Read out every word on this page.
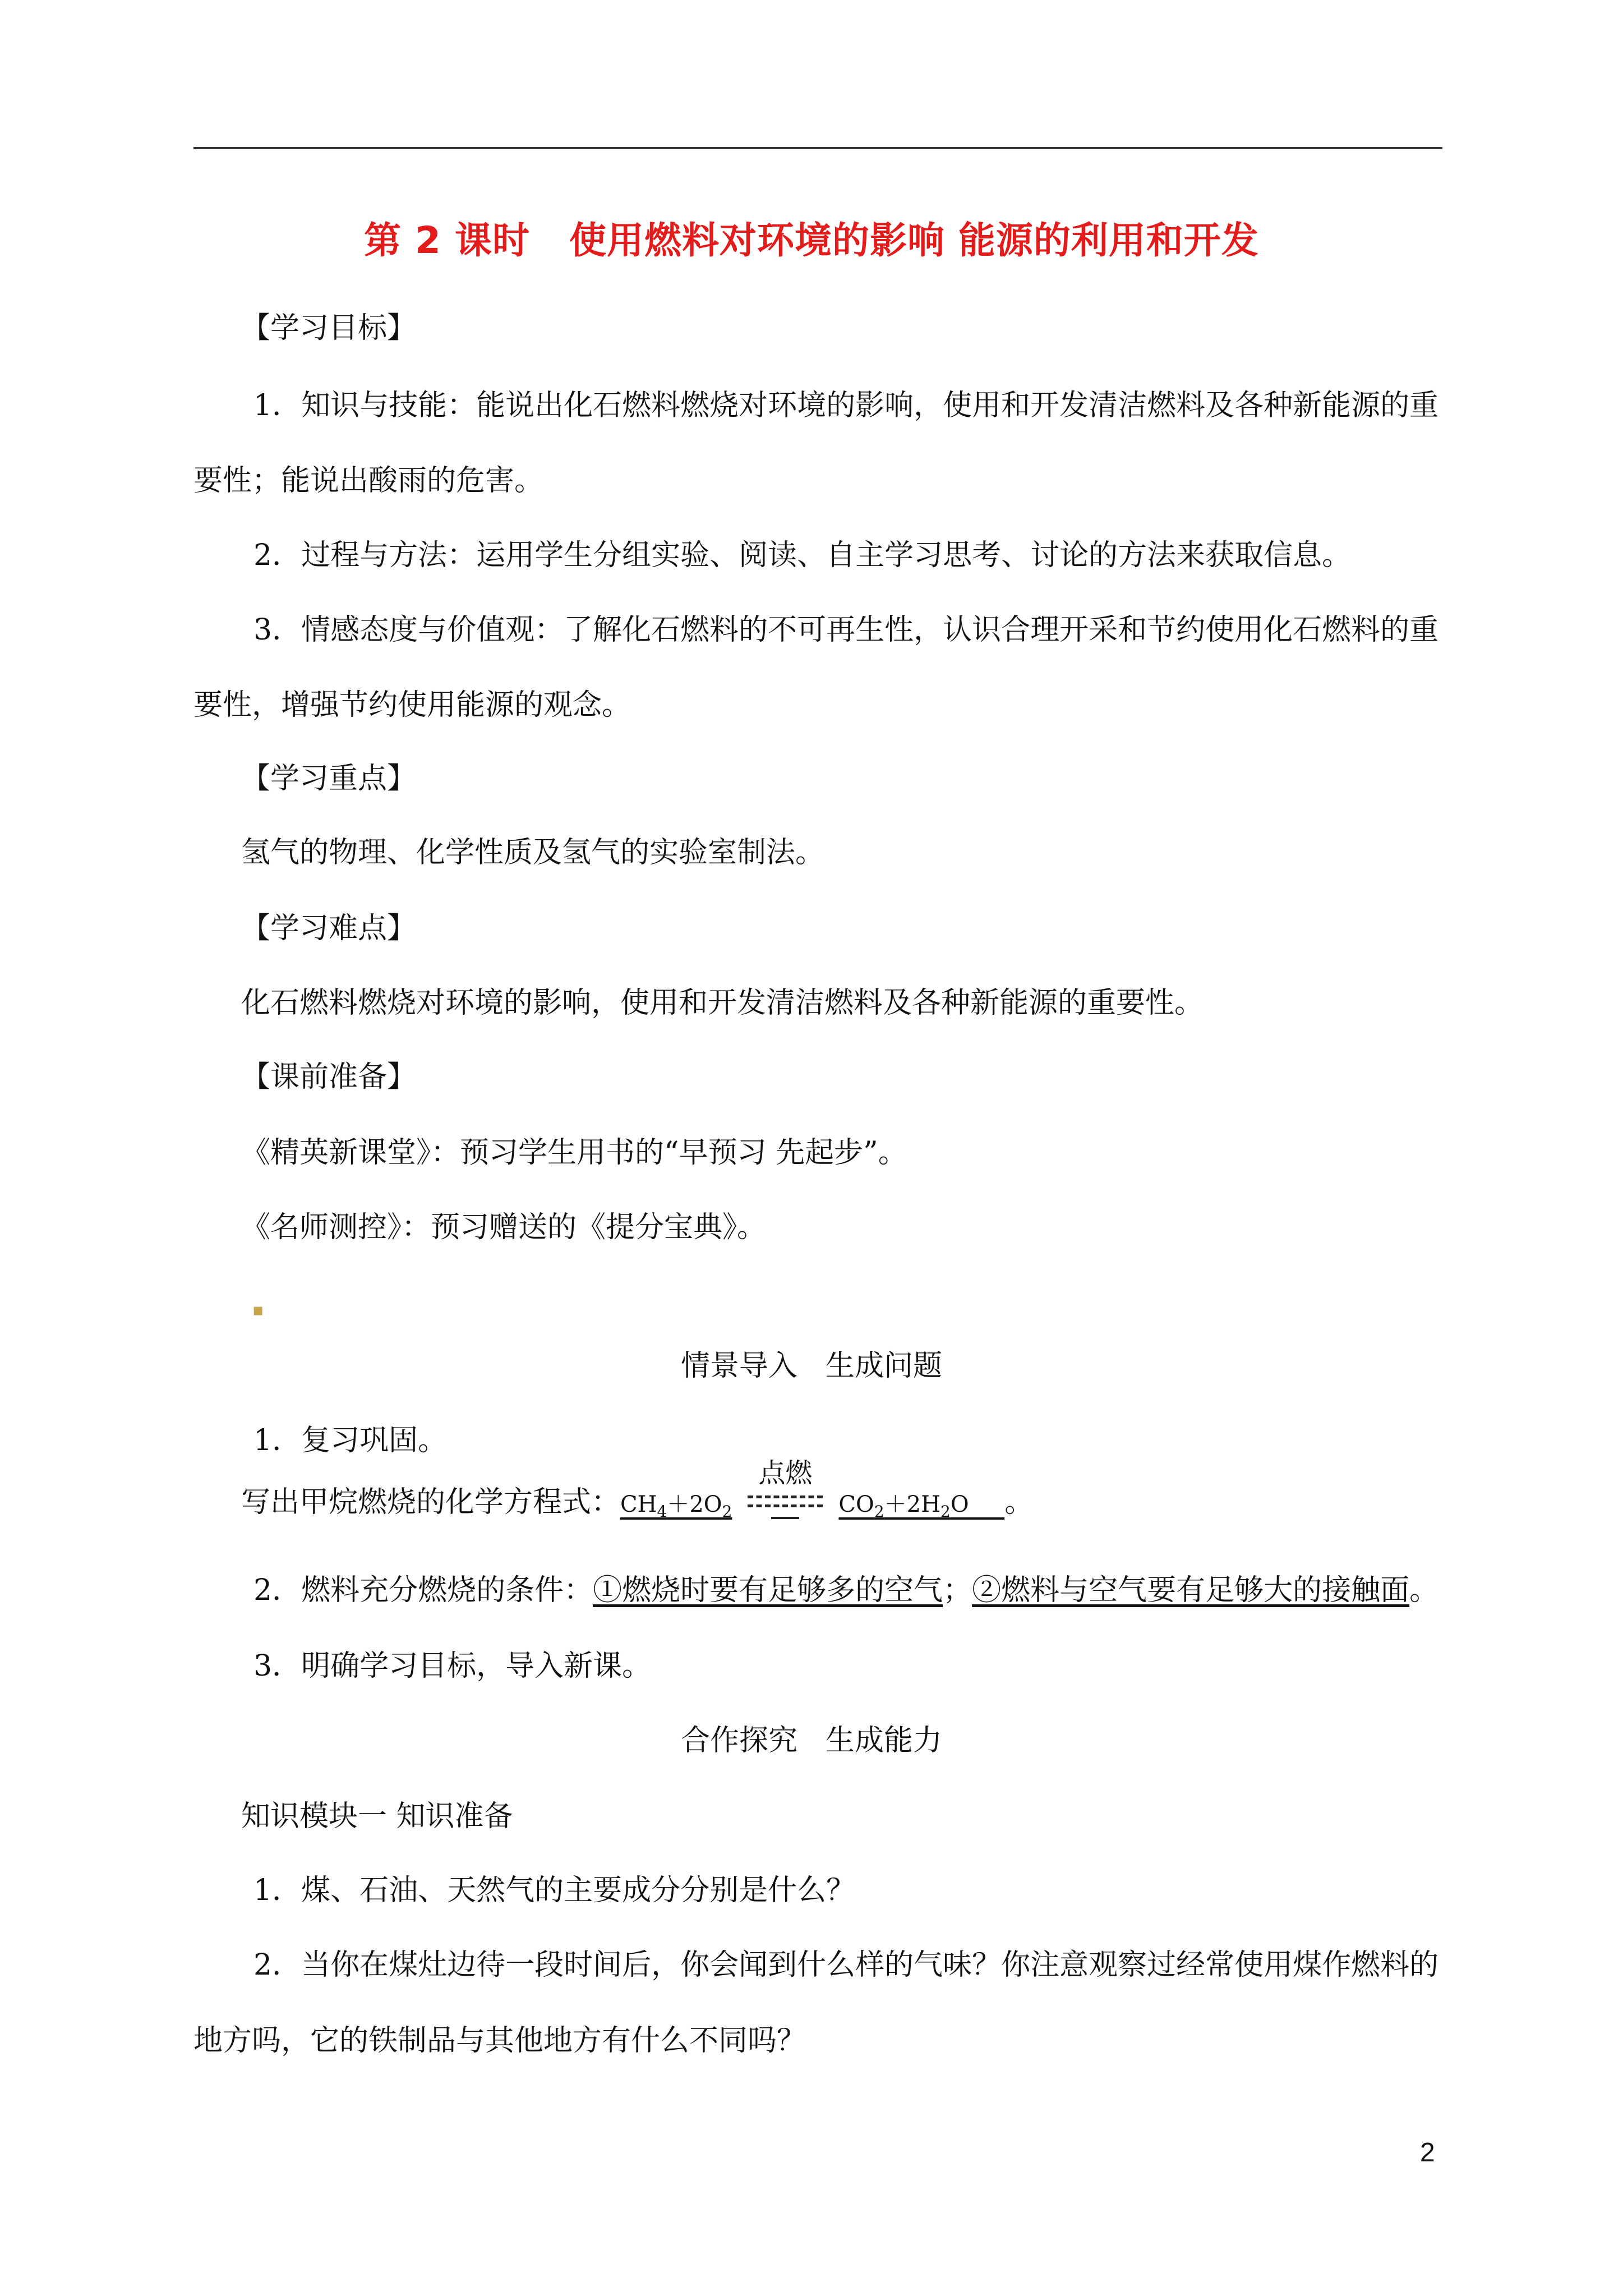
第 2 课时 使用燃料对环境的影响 能源的利用和开发
【学习目标】
1．知识与技能：能说出化石燃料燃烧对环境的影响，使用和开发清洁燃料及各种新能源的重
要性；能说出酸雨的危害。
2．过程与方法：运用学生分组实验、阅读、自主学习思考、讨论的方法来获取信息。
3．情感态度与价值观：了解化石燃料的不可再生性，认识合理开采和节约使用化石燃料的重
要性，增强节约使用能源的观念。
【学习重点】
氢气的物理、化学性质及氢气的实验室制法。
【学习难点】
化石燃料燃烧对环境的影响，使用和开发清洁燃料及各种新能源的重要性。
【课前准备】
《精英新课堂》：预习学生用书的“早预习 先起步”。
《名师测控》：预习赠送的《提分宝典》。
情景导入 生成问题
1．复习巩固。
写出甲烷燃烧的化学方程式：$CH_4+2O_2$
点燃
$CO_2+2H_2O$     。
2．燃料充分燃烧的条件：①燃烧时要有足够多的空气；②燃料与空气要有足够大的接触面。
3．明确学习目标，导入新课。
合作探究 生成能力
知识模块一 知识准备
1．煤、石油、天然气的主要成分分别是什么？
2．当你在煤灶边待一段时间后，你会闻到什么样的气味？你注意观察过经常使用煤作燃料的
地方吗，它的铁制品与其他地方有什么不同吗？
2
▪
